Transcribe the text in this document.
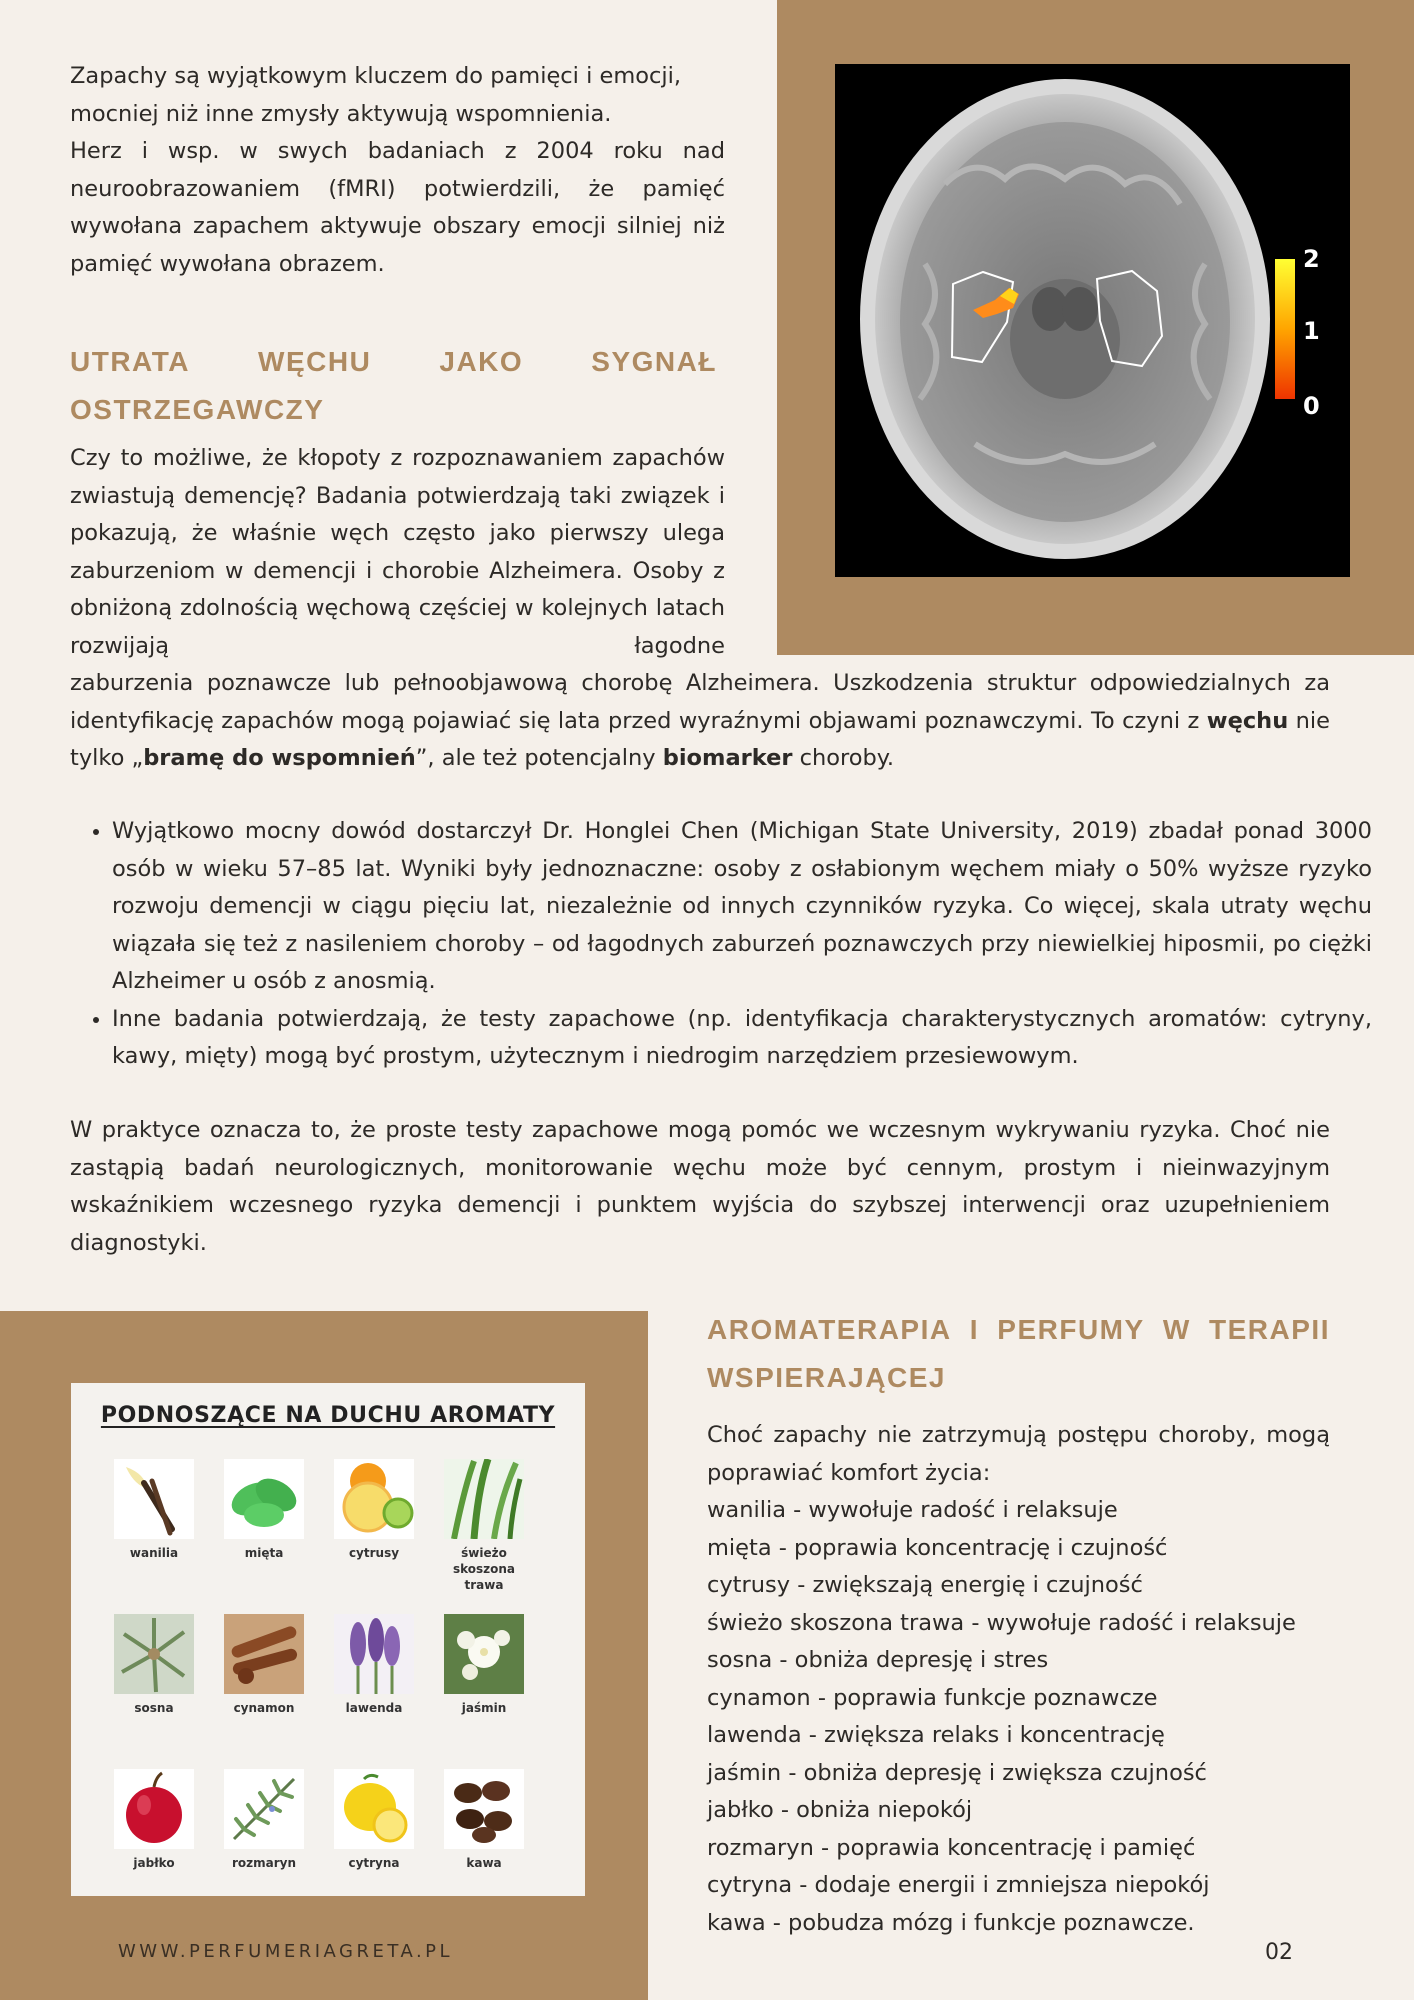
2
1
0

Zapachy są wyjątkowym kluczem do pamięci i emocji, mocniej niż inne zmysły aktywują wspomnienia.

Herz i wsp. w swych badaniach z 2004 roku nad neuroobrazowaniem (fMRI) potwierdzili, że pamięć wywołana zapachem aktywuje obszary emocji silniej niż pamięć wywołana obrazem.

UTRATA WĘCHU JAKO SYGNAŁ
OSTRZEGAWCZY

Czy to możliwe, że kłopoty z rozpoznawaniem zapachów zwiastują demencję? Badania potwierdzają taki związek i pokazują, że właśnie węch często jako pierwszy ulega zaburzeniom w demencji i chorobie Alzheimera. Osoby z obniżoną zdolnością węchową częściej w kolejnych latach rozwijają łagodne

zaburzenia poznawcze lub pełnoobjawową chorobę Alzheimera. Uszkodzenia struktur odpowiedzialnych za identyfikację zapachów mogą pojawiać się lata przed wyraźnymi objawami poznawczymi. To czyni z węchu nie tylko „bramę do wspomnień”, ale też potencjalny biomarker choroby.

• Wyjątkowo mocny dowód dostarczył Dr. Honglei Chen (Michigan State University, 2019) zbadał ponad 3000 osób w wieku 57–85 lat. Wyniki były jednoznaczne: osoby z osłabionym węchem miały o 50% wyższe ryzyko rozwoju demencji w ciągu pięciu lat, niezależnie od innych czynników ryzyka. Co więcej, skala utraty węchu wiązała się też z nasileniem choroby – od łagodnych zaburzeń poznawczych przy niewielkiej hiposmii, po ciężki Alzheimer u osób z anosmią.
• Inne badania potwierdzają, że testy zapachowe (np. identyfikacja charakterystycznych aromatów: cytryny, kawy, mięty) mogą być prostym, użytecznym i niedrogim narzędziem przesiewowym.

W praktyce oznacza to, że proste testy zapachowe mogą pomóc we wczesnym wykrywaniu ryzyka. Choć nie zastąpią badań neurologicznych, monitorowanie węchu może być cennym, prostym i nieinwazyjnym wskaźnikiem wczesnego ryzyka demencji i punktem wyjścia do szybszej interwencji oraz uzupełnieniem diagnostyki.

PODNOSZĄCE NA DUCHU AROMATY
wanilia	mięta	cytrusy	świeżo skoszona trawa
sosna	cynamon	lawenda	jaśmin
jabłko	rozmaryn	cytryna	kawa
AROMATERAPIA I PERFUMY W TERAPII
WSPIERAJĄCEJ

Choć zapachy nie zatrzymują postępu choroby, mogą poprawiać komfort życia:

wanilia - wywołuje radość i relaksuje
mięta - poprawia koncentrację i czujność
cytrusy - zwiększają energię i czujność
świeżo skoszona trawa - wywołuje radość i relaksuje
sosna - obniża depresję i stres
cynamon - poprawia funkcje poznawcze
lawenda - zwiększa relaks i koncentrację
jaśmin - obniża depresję i zwiększa czujność
jabłko - obniża niepokój
rozmaryn - poprawia koncentrację i pamięć
cytryna - dodaje energii i zmniejsza niepokój
kawa - pobudza mózg i funkcje poznawcze.
WWW.PERFUMERIAGRETA.PL	02
